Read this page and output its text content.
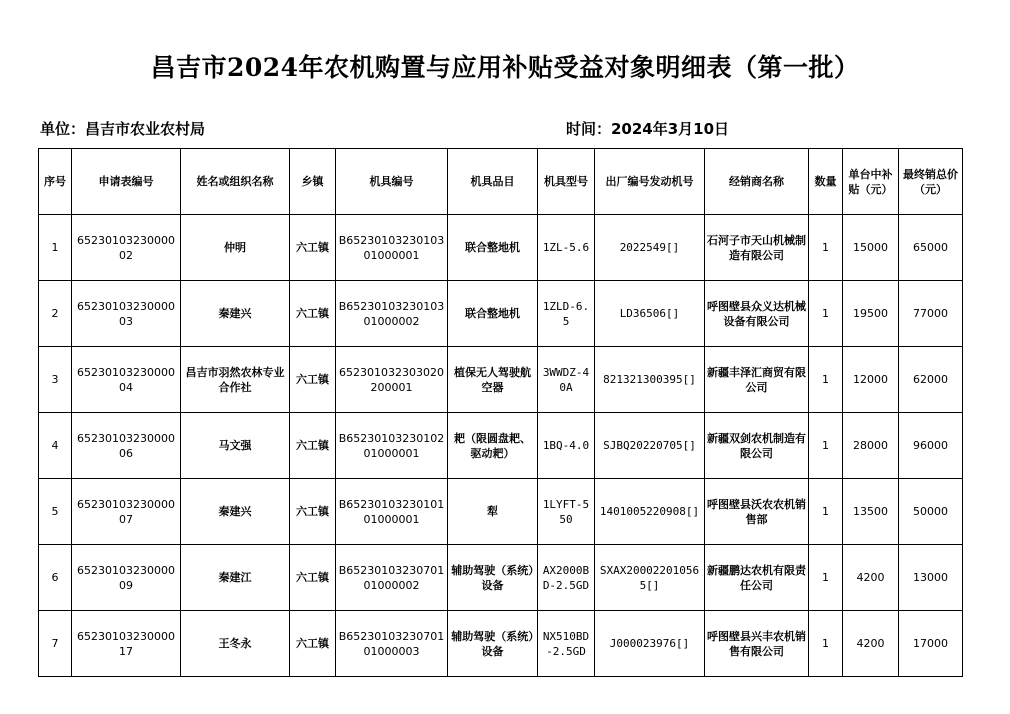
昌吉市2024年农机购置与应用补贴受益对象明细表（第一批）
单位：昌吉市农业农村局	时间：2024年3月10日
序号	申请表编号	姓名或组织名称	乡镇	机具编号	机具品目	机具型号	出厂编号发动机号	经销商名称	数量	单台中补贴（元）	最终销总价（元）
1	6523010323000002	仲明	六工镇	B6523010323010301000001	联合整地机	1ZL-5.6	2022549[]	石河子市天山机械制造有限公司	1	15000	65000
2	6523010323000003	秦建兴	六工镇	B6523010323010301000002	联合整地机	1ZLD-6.5	LD36506[]	呼图壁县众义达机械设备有限公司	1	19500	77000
3	6523010323000004	昌吉市羽然农林专业合作社	六工镇	652301032303020200001	植保无人驾驶航空器	3WWDZ-40A	821321300395[]	新疆丰泽汇商贸有限公司	1	12000	62000
4	6523010323000006	马文强	六工镇	B6523010323010201000001	耙（限圆盘耙、驱动耙）	1BQ-4.0	SJBQ20220705[]	新疆双剑农机制造有限公司	1	28000	96000
5	6523010323000007	秦建兴	六工镇	B6523010323010101000001	犁	1LYFT-550	1401005220908[]	呼图壁县沃农农机销售部	1	13500	50000
6	6523010323000009	秦建江	六工镇	B6523010323070101000002	辅助驾驶（系统）设备	AX2000BD-2.5GD	SXAX200022010565[]	新疆鹏达农机有限责任公司	1	4200	13000
7	6523010323000017	王冬永	六工镇	B6523010323070101000003	辅助驾驶（系统）设备	NX510BD-2.5GD	J000023976[]	呼图壁县兴丰农机销售有限公司	1	4200	17000
